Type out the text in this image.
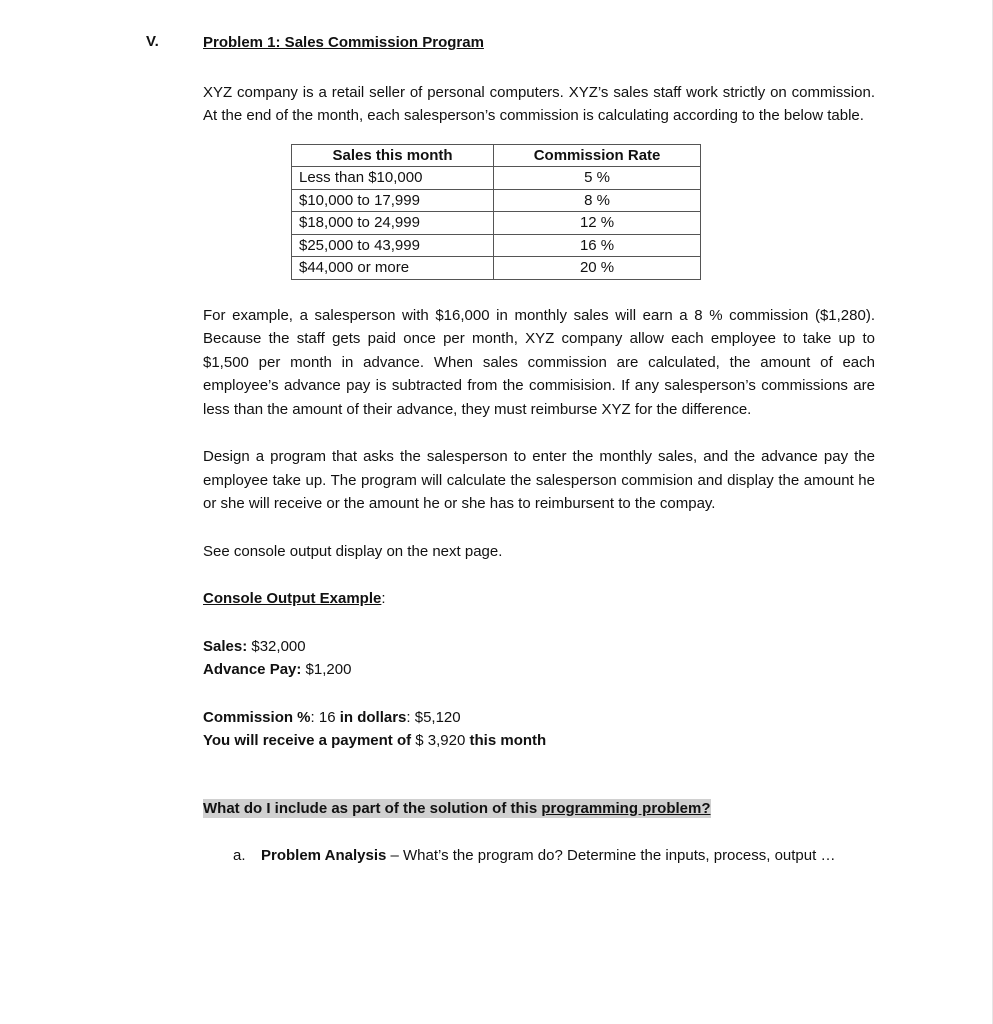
V.	Problem 1: Sales Commission Program

XYZ company is a retail seller of personal computers. XYZ’s sales staff work strictly on commission. At the end of the month, each salesperson’s commission is calculating according to the below table.

Sales this month	Commission Rate
Less than $10,000	5 %
$10,000 to 17,999	8 %
$18,000 to 24,999	12 %
$25,000 to 43,999	16 %
$44,000 or more	20 %

For example, a salesperson with $16,000 in monthly sales will earn a 8 % commission ($1,280). Because the staff gets paid once per month, XYZ company allow each employee to take up to $1,500 per month in advance. When sales commission are calculated, the amount of each employee’s advance pay is subtracted from the commisision. If any salesperson’s commissions are less than the amount of their advance, they must reimburse XYZ for the difference.

Design a program that asks the salesperson to enter the monthly sales, and the advance pay the employee take up. The program will calculate the salesperson commision and display the amount he or she will receive or the amount he or she has to reimbursent to the compay.

See console output display on the next page.

Console Output Example:

Sales: $32,000

Advance Pay: $1,200

Commission %: 16 in dollars: $5,120

You will receive a payment of $ 3,920 this month

What do I include as part of the solution of this programming problem?

a.	Problem Analysis – What’s the program do? Determine the inputs, process, output …
